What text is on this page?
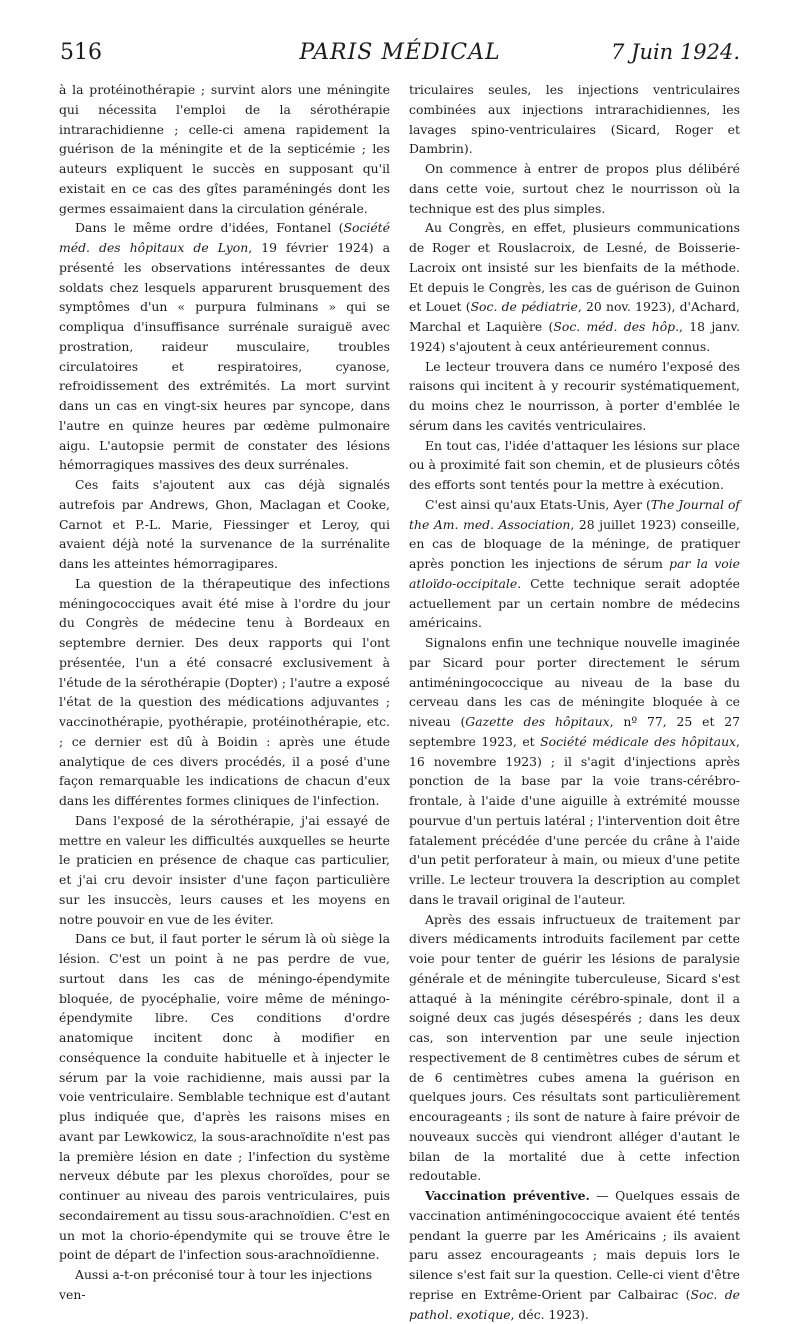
516	PARIS MÉDICAL	7 Juin 1924.

à la protéinothérapie ; survint alors une méningite qui nécessita l'emploi de la sérothérapie intrarachidienne ; celle-ci amena rapidement la guérison de la méningite et de la septicémie ; les auteurs expliquent le succès en supposant qu'il existait en ce cas des gîtes paraméningés dont les germes essaimaient dans la circulation générale.

Dans le même ordre d'idées, Fontanel (Société méd. des hôpitaux de Lyon, 19 février 1924) a présenté les observations intéressantes de deux soldats chez lesquels apparurent brusquement des symptômes d'un « purpura fulminans » qui se compliqua d'insuffisance surrénale suraiguë avec prostration, raideur musculaire, troubles circulatoires et respiratoires, cyanose, refroidissement des extrémités. La mort survint dans un cas en vingt-six heures par syncope, dans l'autre en quinze heures par œdème pulmonaire aigu. L'autopsie permit de constater des lésions hémorragiques massives des deux surrénales.

Ces faits s'ajoutent aux cas déjà signalés autrefois par Andrews, Ghon, Maclagan et Cooke, Carnot et P.-L. Marie, Fiessinger et Leroy, qui avaient déjà noté la survenance de la surrénalite dans les atteintes hémorragipares.

La question de la thérapeutique des infections méningococciques avait été mise à l'ordre du jour du Congrès de médecine tenu à Bordeaux en septembre dernier. Des deux rapports qui l'ont présentée, l'un a été consacré exclusivement à l'étude de la sérothérapie (Dopter) ; l'autre a exposé l'état de la question des médications adjuvantes ; vaccinothérapie, pyothérapie, protéinothérapie, etc. ; ce dernier est dû à Boidin : après une étude analytique de ces divers procédés, il a posé d'une façon remarquable les indications de chacun d'eux dans les différentes formes cliniques de l'infection.

Dans l'exposé de la sérothérapie, j'ai essayé de mettre en valeur les difficultés auxquelles se heurte le praticien en présence de chaque cas particulier, et j'ai cru devoir insister d'une façon particulière sur les insuccès, leurs causes et les moyens en notre pouvoir en vue de les éviter.

Dans ce but, il faut porter le sérum là où siège la lésion. C'est un point à ne pas perdre de vue, surtout dans les cas de méningo-épendymite bloquée, de pyocéphalie, voire même de méningo-épendymite libre. Ces conditions d'ordre anatomique incitent donc à modifier en conséquence la conduite habituelle et à injecter le sérum par la voie rachidienne, mais aussi par la voie ventriculaire. Semblable technique est d'autant plus indiquée que, d'après les raisons mises en avant par Lewkowicz, la sous-arachnoïdite n'est pas la première lésion en date ; l'infection du système nerveux débute par les plexus choroïdes, pour se continuer au niveau des parois ventriculaires, puis secondairement au tissu sous-arachnoïdien. C'est en un mot la chorio-épendymite qui se trouve être le point de départ de l'infection sous-arachnoïdienne.

Aussi a-t-on préconisé tour à tour les injections ven-

triculaires seules, les injections ventriculaires combinées aux injections intrarachidiennes, les lavages spino-ventriculaires (Sicard, Roger et Dambrin).

On commence à entrer de propos plus délibéré dans cette voie, surtout chez le nourrisson où la technique est des plus simples.

Au Congrès, en effet, plusieurs communications de Roger et Rouslacroix, de Lesné, de Boisserie-Lacroix ont insisté sur les bienfaits de la méthode. Et depuis le Congrès, les cas de guérison de Guinon et Louet (Soc. de pédiatrie, 20 nov. 1923), d'Achard, Marchal et Laquière (Soc. méd. des hôp., 18 janv. 1924) s'ajoutent à ceux antérieurement connus.

Le lecteur trouvera dans ce numéro l'exposé des raisons qui incitent à y recourir systématiquement, du moins chez le nourrisson, à porter d'emblée le sérum dans les cavités ventriculaires.

En tout cas, l'idée d'attaquer les lésions sur place ou à proximité fait son chemin, et de plusieurs côtés des efforts sont tentés pour la mettre à exécution.

C'est ainsi qu'aux Etats-Unis, Ayer (The Journal of the Am. med. Association, 28 juillet 1923) conseille, en cas de bloquage de la méninge, de pratiquer après ponction les injections de sérum par la voie atloïdo-occipitale. Cette technique serait adoptée actuellement par un certain nombre de médecins américains.

Signalons enfin une technique nouvelle imaginée par Sicard pour porter directement le sérum antiméningococcique au niveau de la base du cerveau dans les cas de méningite bloquée à ce niveau (Gazette des hôpitaux, nº 77, 25 et 27 septembre 1923, et Société médicale des hôpitaux, 16 novembre 1923) ; il s'agit d'injections après ponction de la base par la voie trans-cérébro-frontale, à l'aide d'une aiguille à extrémité mousse pourvue d'un pertuis latéral ; l'intervention doit être fatalement précédée d'une percée du crâne à l'aide d'un petit perforateur à main, ou mieux d'une petite vrille. Le lecteur trouvera la description au complet dans le travail original de l'auteur.

Après des essais infructueux de traitement par divers médicaments introduits facilement par cette voie pour tenter de guérir les lésions de paralysie générale et de méningite tuberculeuse, Sicard s'est attaqué à la méningite cérébro-spinale, dont il a soigné deux cas jugés désespérés ; dans les deux cas, son intervention par une seule injection respectivement de 8 centimètres cubes de sérum et de 6 centimètres cubes amena la guérison en quelques jours. Ces résultats sont particulièrement encourageants ; ils sont de nature à faire prévoir de nouveaux succès qui viendront alléger d'autant le bilan de la mortalité due à cette infection redoutable.

Vaccination préventive. — Quelques essais de vaccination antiméningococcique avaient été tentés pendant la guerre par les Américains ; ils avaient paru assez encourageants ; mais depuis lors le silence s'est fait sur la question. Celle-ci vient d'être reprise en Extrême-Orient par Calbairac (Soc. de pathol. exotique, déc. 1923).
